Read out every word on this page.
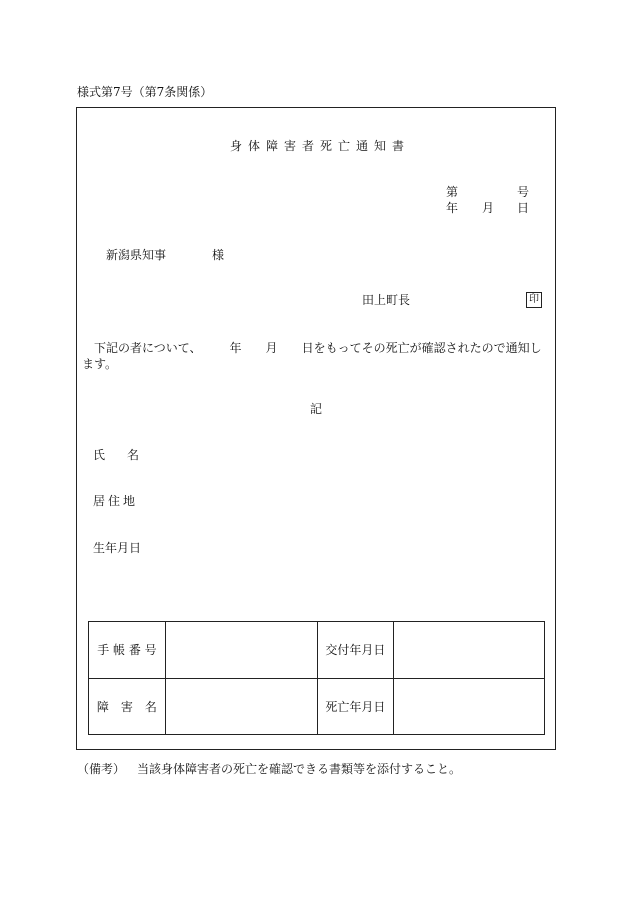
様式第7号（第7条関係）
身体障害者死亡通知書
第	号
年 月 日
新潟県知事	様
田上町長	印
下記の者について、 年 月 日をもってその死亡が確認されたので通知します。
記
氏 名
居住地
生年月日
手 帳 番 号		交付年月日	
障　害　名		死亡年月日	
（備考） 当該身体障害者の死亡を確認できる書類等を添付すること。
